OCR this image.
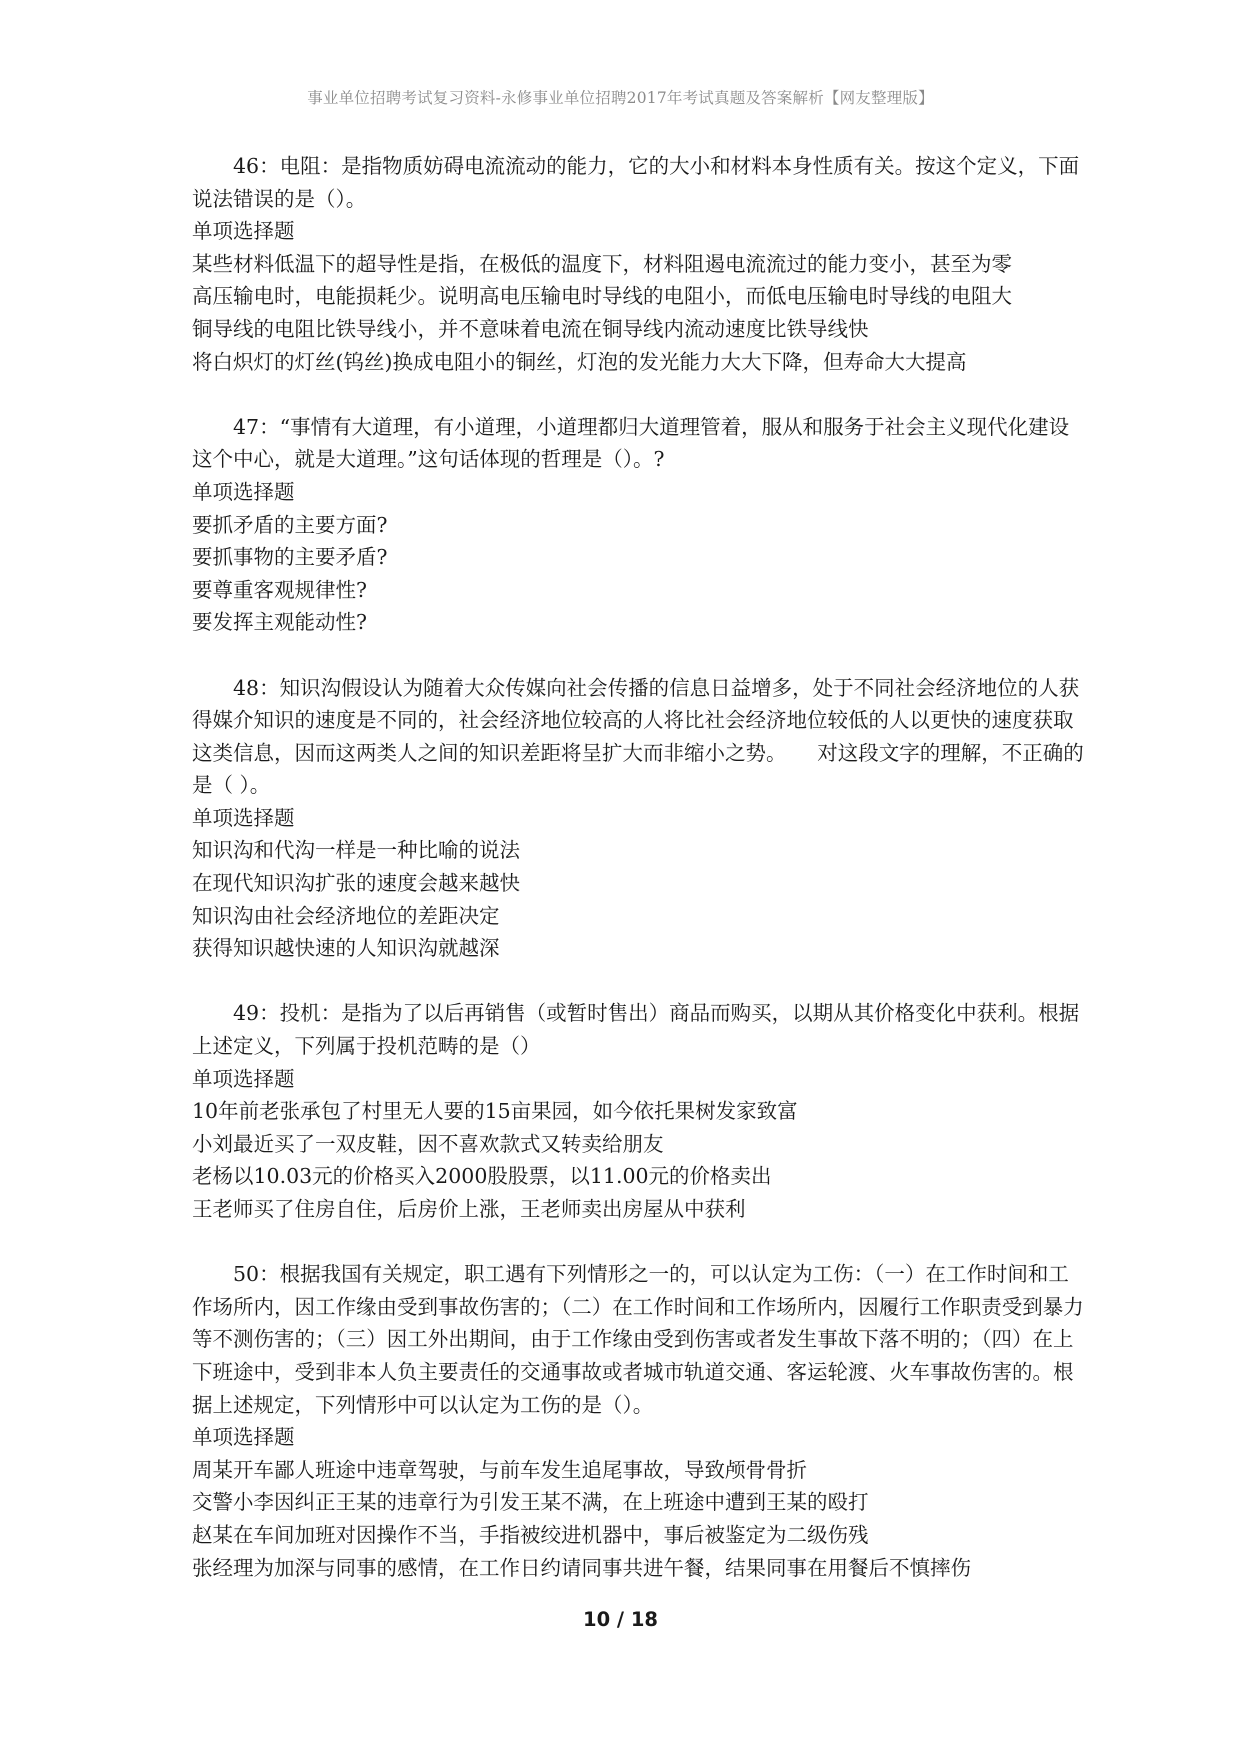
事业单位招聘考试复习资料-永修事业单位招聘2017年考试真题及答案解析【网友整理版】
46：电阻：是指物质妨碍电流流动的能力，它的大小和材料本身性质有关。按这个定义，下面说法错误的是（）。
单项选择题
某些材料低温下的超导性是指，在极低的温度下，材料阻遏电流流过的能力变小，甚至为零
高压输电时，电能损耗少。说明高电压输电时导线的电阻小，而低电压输电时导线的电阻大
铜导线的电阻比铁导线小，并不意味着电流在铜导线内流动速度比铁导线快
将白炽灯的灯丝(钨丝)换成电阻小的铜丝，灯泡的发光能力大大下降，但寿命大大提高
47：“事情有大道理，有小道理，小道理都归大道理管着，服从和服务于社会主义现代化建设这个中心，就是大道理。”这句话体现的哲理是（）。?
单项选择题
要抓矛盾的主要方面?
要抓事物的主要矛盾?
要尊重客观规律性?
要发挥主观能动性?
48：知识沟假设认为随着大众传媒向社会传播的信息日益增多，处于不同社会经济地位的人获得媒介知识的速度是不同的，社会经济地位较高的人将比社会经济地位较低的人以更快的速度获取这类信息，因而这两类人之间的知识差距将呈扩大而非缩小之势。　　对这段文字的理解，不正确的是（ ）。
单项选择题
知识沟和代沟一样是一种比喻的说法
在现代知识沟扩张的速度会越来越快
知识沟由社会经济地位的差距决定
获得知识越快速的人知识沟就越深
49：投机：是指为了以后再销售（或暂时售出）商品而购买，以期从其价格变化中获利。根据上述定义，下列属于投机范畴的是（）
单项选择题
10年前老张承包了村里无人要的15亩果园，如今依托果树发家致富
小刘最近买了一双皮鞋，因不喜欢款式又转卖给朋友
老杨以10.03元的价格买入2000股股票，以11.00元的价格卖出
王老师买了住房自住，后房价上涨，王老师卖出房屋从中获利
50：根据我国有关规定，职工遇有下列情形之一的，可以认定为工伤：（一）在工作时间和工作场所内，因工作缘由受到事故伤害的；（二）在工作时间和工作场所内，因履行工作职责受到暴力等不测伤害的；（三）因工外出期间，由于工作缘由受到伤害或者发生事故下落不明的；（四）在上下班途中，受到非本人负主要责任的交通事故或者城市轨道交通、客运轮渡、火车事故伤害的。根据上述规定，下列情形中可以认定为工伤的是（）。
单项选择题
周某开车鄙人班途中违章驾驶，与前车发生追尾事故，导致颅骨骨折
交警小李因纠正王某的违章行为引发王某不满，在上班途中遭到王某的殴打
赵某在车间加班对因操作不当，手指被绞进机器中，事后被鉴定为二级伤残
张经理为加深与同事的感情，在工作日约请同事共进午餐，结果同事在用餐后不慎摔伤
10 / 18
